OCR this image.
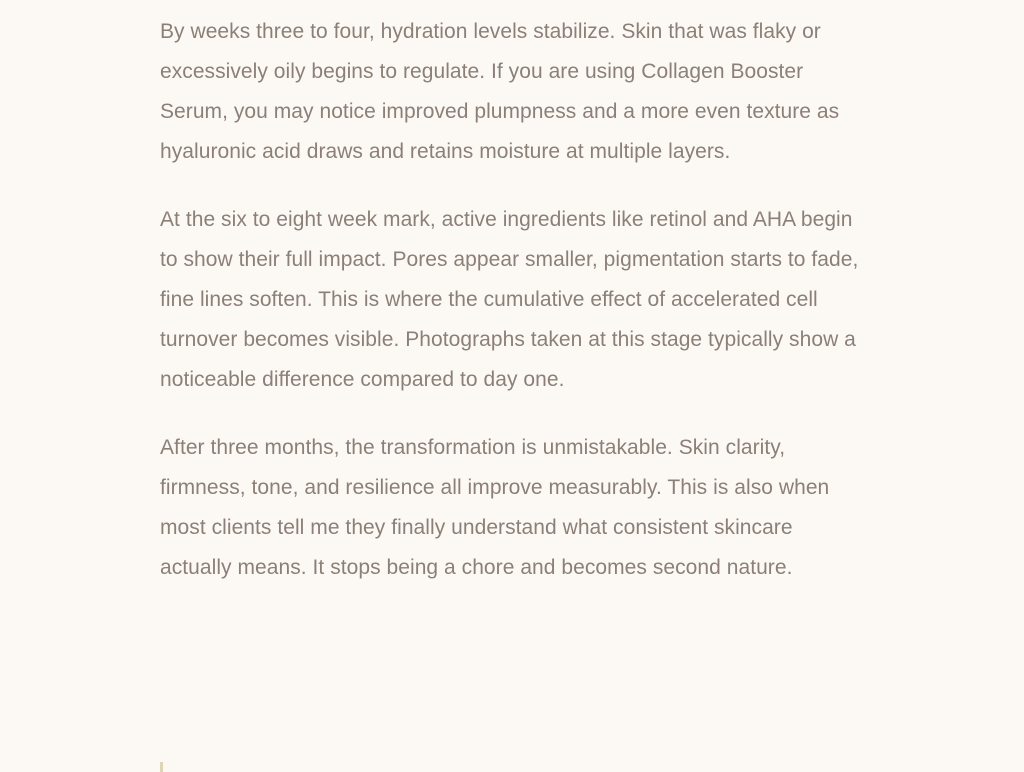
By weeks three to four, hydration levels stabilize. Skin that was flaky or excessively oily begins to regulate. If you are using Collagen Booster Serum, you may notice improved plumpness and a more even texture as hyaluronic acid draws and retains moisture at multiple layers.

At the six to eight week mark, active ingredients like retinol and AHA begin to show their full impact. Pores appear smaller, pigmentation starts to fade, fine lines soften. This is where the cumulative effect of accelerated cell turnover becomes visible. Photographs taken at this stage typically show a noticeable difference compared to day one.

After three months, the transformation is unmistakable. Skin clarity, firmness, tone, and resilience all improve measurably. This is also when most clients tell me they finally understand what consistent skincare actually means. It stops being a chore and becomes second nature.
